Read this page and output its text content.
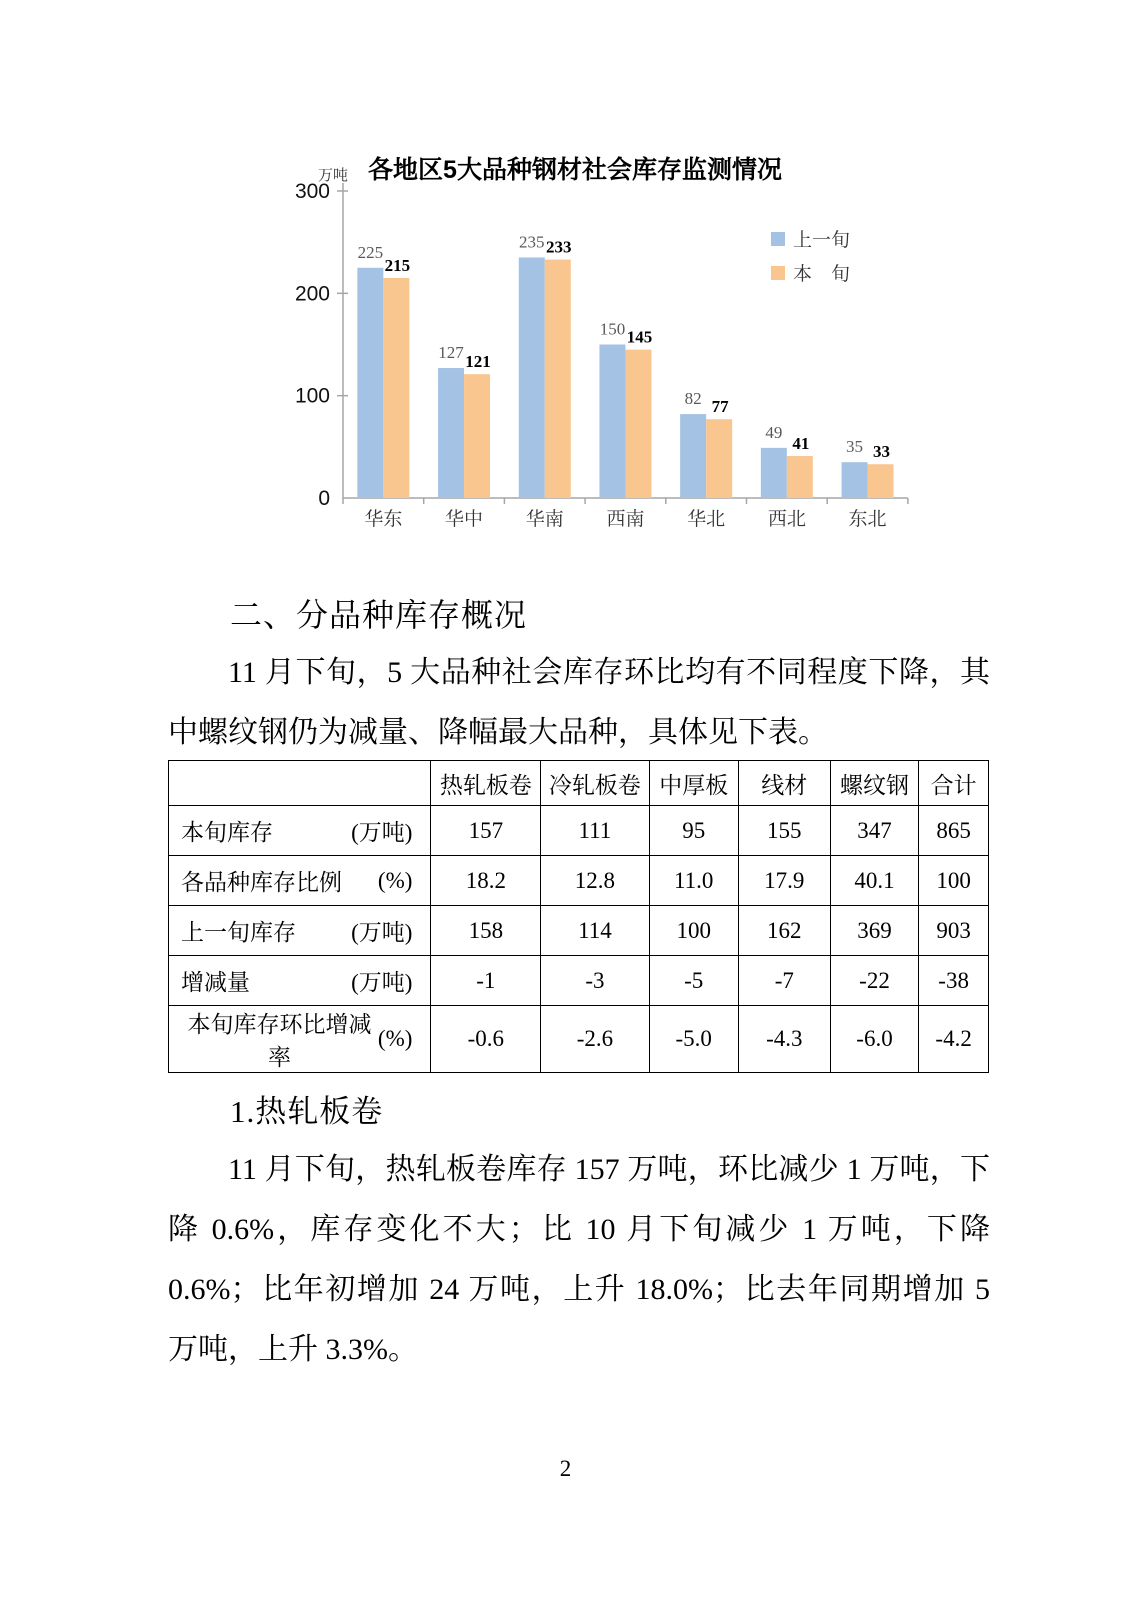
各地区5大品种钢材社会库存监测情况
万吨
0
100
200
300
225
215
华东
127 121
华中
235 233
华南
150 145
西南
82 77
华北
49
41
西北
35 33
东北
上一旬
本　旬
二、分品种库存概况
11 月下旬，5 大品种社会库存环比均有不同程度下降，其中螺纹钢仍为减量、降幅最大品种，具体见下表。
	热轧板卷	冷轧板卷	中厚板	线材	螺纹钢	合计

本旬库存 (万吨)	157	111	95	155	347	865

各品种库存比例 (%)	18.2	12.8	11.0	17.9	40.1	100

上一旬库存 (万吨)	158	114	100	162	369	903

增减量 (万吨)	-1	-3	-5	-7	-22	-38

本旬库存环比增减率
(%)	-0.6	-2.6	-5.0	-4.3	-6.0	-4.2
1.热轧板卷
11 月下旬，热轧板卷库存 157 万吨，环比减少 1 万吨，下降 0.6%，库存变化不大；比 10 月下旬减少 1 万吨，下降 0.6%；比年初增加 24 万吨，上升 18.0%；比去年同期增加 5 万吨，上升 3.3%。
2
